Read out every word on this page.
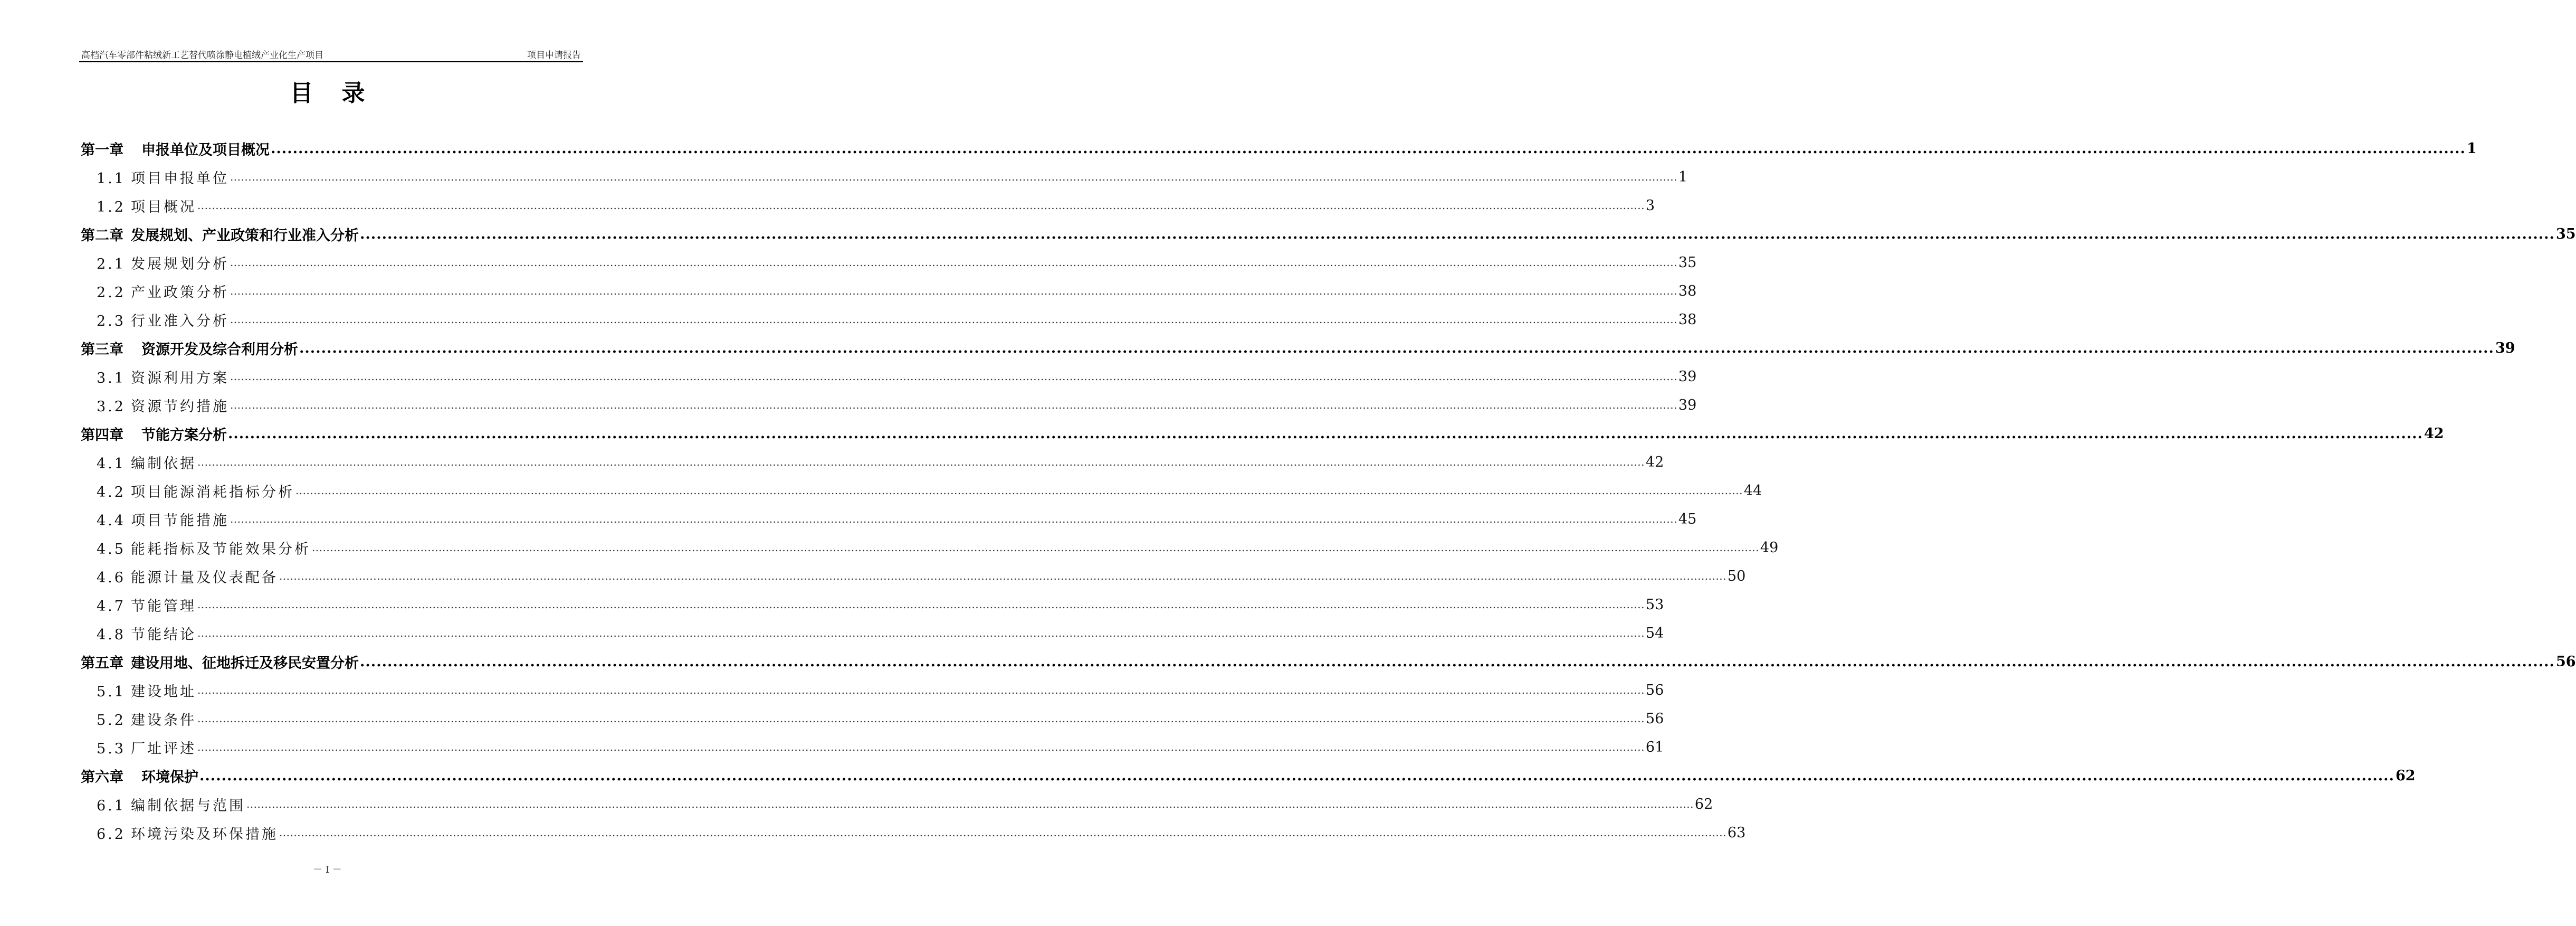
高档汽车零部件粘绒新工艺替代喷涂静电植绒产业化生产项目	项目申请报告
目录
第一章　 申报单位及项目概况 ................................................................................................................................................................................................................................................................................................................................................................................................................ 1
1.1 项目申报单位 ................................................................................................................................................................................................................................................................................................................................................................................................................ 1
1.2 项目概况 ................................................................................................................................................................................................................................................................................................................................................................................................................ 3
第二章　 发展规划、产业政策和行业准入分析 ................................................................................................................................................................................................................................................................................................................................................................................................................ 35
2.1 发展规划分析 ................................................................................................................................................................................................................................................................................................................................................................................................................ 35
2.2 产业政策分析 ................................................................................................................................................................................................................................................................................................................................................................................................................ 38
2.3 行业准入分析 ................................................................................................................................................................................................................................................................................................................................................................................................................ 38
第三章　 资源开发及综合利用分析 ................................................................................................................................................................................................................................................................................................................................................................................................................ 39
3.1 资源利用方案 ................................................................................................................................................................................................................................................................................................................................................................................................................ 39
3.2 资源节约措施 ................................................................................................................................................................................................................................................................................................................................................................................................................ 39
第四章　 节能方案分析 ................................................................................................................................................................................................................................................................................................................................................................................................................ 42
4.1 编制依据 ................................................................................................................................................................................................................................................................................................................................................................................................................ 42
4.2 项目能源消耗指标分析 ................................................................................................................................................................................................................................................................................................................................................................................................................ 44
4.4 项目节能措施 ................................................................................................................................................................................................................................................................................................................................................................................................................ 45
4.5 能耗指标及节能效果分析 ................................................................................................................................................................................................................................................................................................................................................................................................................ 49
4.6 能源计量及仪表配备 ................................................................................................................................................................................................................................................................................................................................................................................................................ 50
4.7 节能管理 ................................................................................................................................................................................................................................................................................................................................................................................................................ 53
4.8 节能结论 ................................................................................................................................................................................................................................................................................................................................................................................................................ 54
第五章　 建设用地、征地拆迁及移民安置分析 ................................................................................................................................................................................................................................................................................................................................................................................................................ 56
5.1 建设地址 ................................................................................................................................................................................................................................................................................................................................................................................................................ 56
5.2 建设条件 ................................................................................................................................................................................................................................................................................................................................................................................................................ 56
5.3 厂址评述 ................................................................................................................................................................................................................................................................................................................................................................................................................ 61
第六章　 环境保护 ................................................................................................................................................................................................................................................................................................................................................................................................................ 62
6.1 编制依据与范围 ................................................................................................................................................................................................................................................................................................................................................................................................................ 62
6.2 环境污染及环保措施 ................................................................................................................................................................................................................................................................................................................................................................................................................ 63
－ I －
